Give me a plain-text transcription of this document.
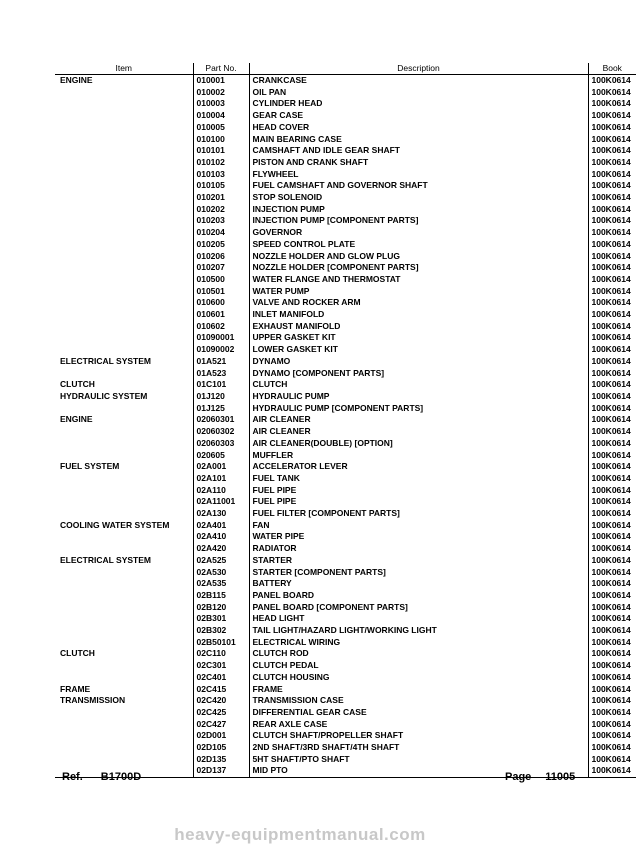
Item	Part No.	Description	Book
ENGINE	010001	CRANKCASE	100K0614
	010002	OIL PAN	100K0614
	010003	CYLINDER HEAD	100K0614
	010004	GEAR CASE	100K0614
	010005	HEAD COVER	100K0614
	010100	MAIN BEARING CASE	100K0614
	010101	CAMSHAFT AND IDLE GEAR SHAFT	100K0614
	010102	PISTON AND CRANK SHAFT	100K0614
	010103	FLYWHEEL	100K0614
	010105	FUEL CAMSHAFT AND GOVERNOR SHAFT	100K0614
	010201	STOP SOLENOID	100K0614
	010202	INJECTION PUMP	100K0614
	010203	INJECTION PUMP [COMPONENT PARTS]	100K0614
	010204	GOVERNOR	100K0614
	010205	SPEED CONTROL PLATE	100K0614
	010206	NOZZLE HOLDER AND GLOW PLUG	100K0614
	010207	NOZZLE HOLDER [COMPONENT PARTS]	100K0614
	010500	WATER FLANGE AND THERMOSTAT	100K0614
	010501	WATER PUMP	100K0614
	010600	VALVE AND ROCKER ARM	100K0614
	010601	INLET MANIFOLD	100K0614
	010602	EXHAUST MANIFOLD	100K0614
	01090001	UPPER GASKET KIT	100K0614
	01090002	LOWER GASKET KIT	100K0614
ELECTRICAL SYSTEM	01A521	DYNAMO	100K0614
	01A523	DYNAMO [COMPONENT PARTS]	100K0614
CLUTCH	01C101	CLUTCH	100K0614
HYDRAULIC SYSTEM	01J120	HYDRAULIC PUMP	100K0614
	01J125	HYDRAULIC PUMP [COMPONENT PARTS]	100K0614
ENGINE	02060301	AIR CLEANER	100K0614
	02060302	AIR CLEANER	100K0614
	02060303	AIR CLEANER(DOUBLE) [OPTION]	100K0614
	020605	MUFFLER	100K0614
FUEL SYSTEM	02A001	ACCELERATOR LEVER	100K0614
	02A101	FUEL TANK	100K0614
	02A110	FUEL PIPE	100K0614
	02A11001	FUEL PIPE	100K0614
	02A130	FUEL FILTER [COMPONENT PARTS]	100K0614
COOLING WATER SYSTEM	02A401	FAN	100K0614
	02A410	WATER PIPE	100K0614
	02A420	RADIATOR	100K0614
ELECTRICAL SYSTEM	02A525	STARTER	100K0614
	02A530	STARTER [COMPONENT PARTS]	100K0614
	02A535	BATTERY	100K0614
	02B115	PANEL BOARD	100K0614
	02B120	PANEL BOARD [COMPONENT PARTS]	100K0614
	02B301	HEAD LIGHT	100K0614
	02B302	TAIL LIGHT/HAZARD LIGHT/WORKING LIGHT	100K0614
	02B50101	ELECTRICAL WIRING	100K0614
CLUTCH	02C110	CLUTCH ROD	100K0614
	02C301	CLUTCH PEDAL	100K0614
	02C401	CLUTCH HOUSING	100K0614
FRAME	02C415	FRAME	100K0614
TRANSMISSION	02C420	TRANSMISSION CASE	100K0614
	02C425	DIFFERENTIAL GEAR CASE	100K0614
	02C427	REAR AXLE CASE	100K0614
	02D001	CLUTCH SHAFT/PROPELLER SHAFT	100K0614
	02D105	2ND SHAFT/3RD SHAFT/4TH SHAFT	100K0614
	02D135	5HT SHAFT/PTO SHAFT	100K0614
	02D137	MID PTO	100K0614
Ref. B1700D	Page 11005
heavy-equipmentmanual.com
